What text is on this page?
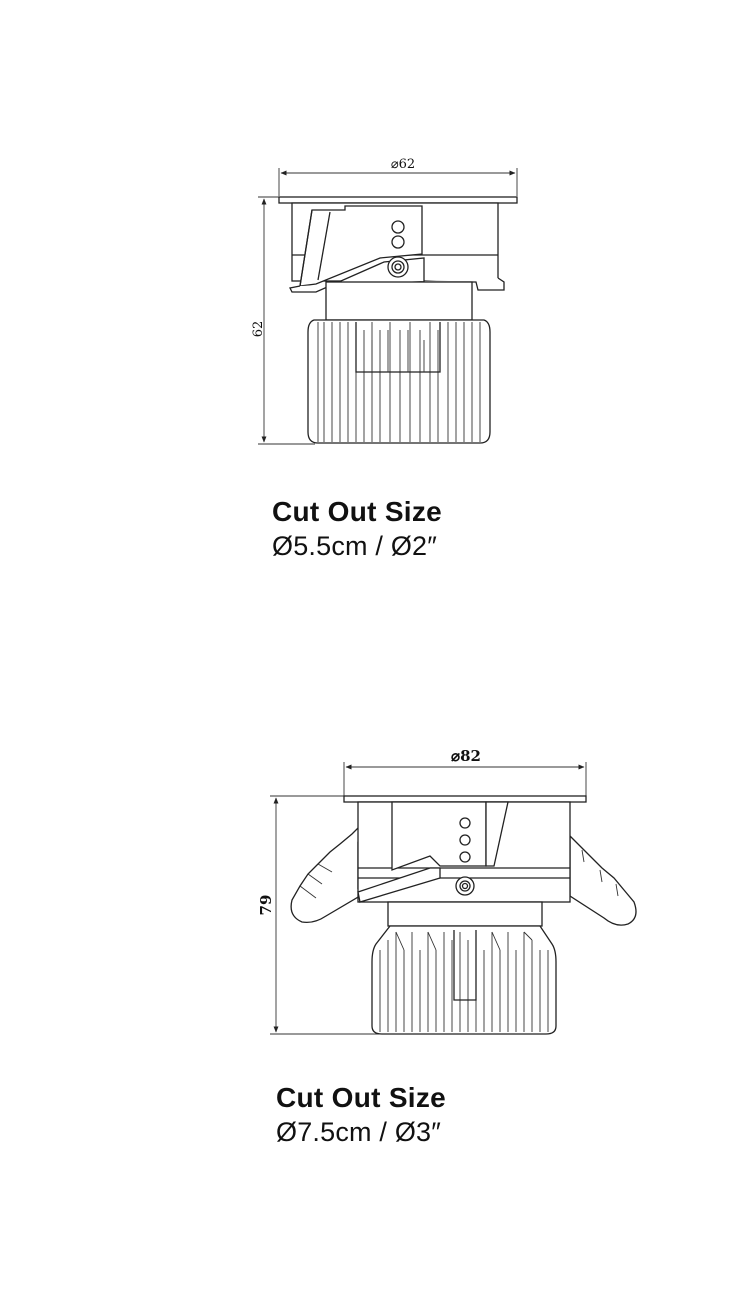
⌀62
62
⌀82
79
Cut Out Size
Ø5.5cm / Ø2″
Cut Out Size
Ø7.5cm / Ø3″
